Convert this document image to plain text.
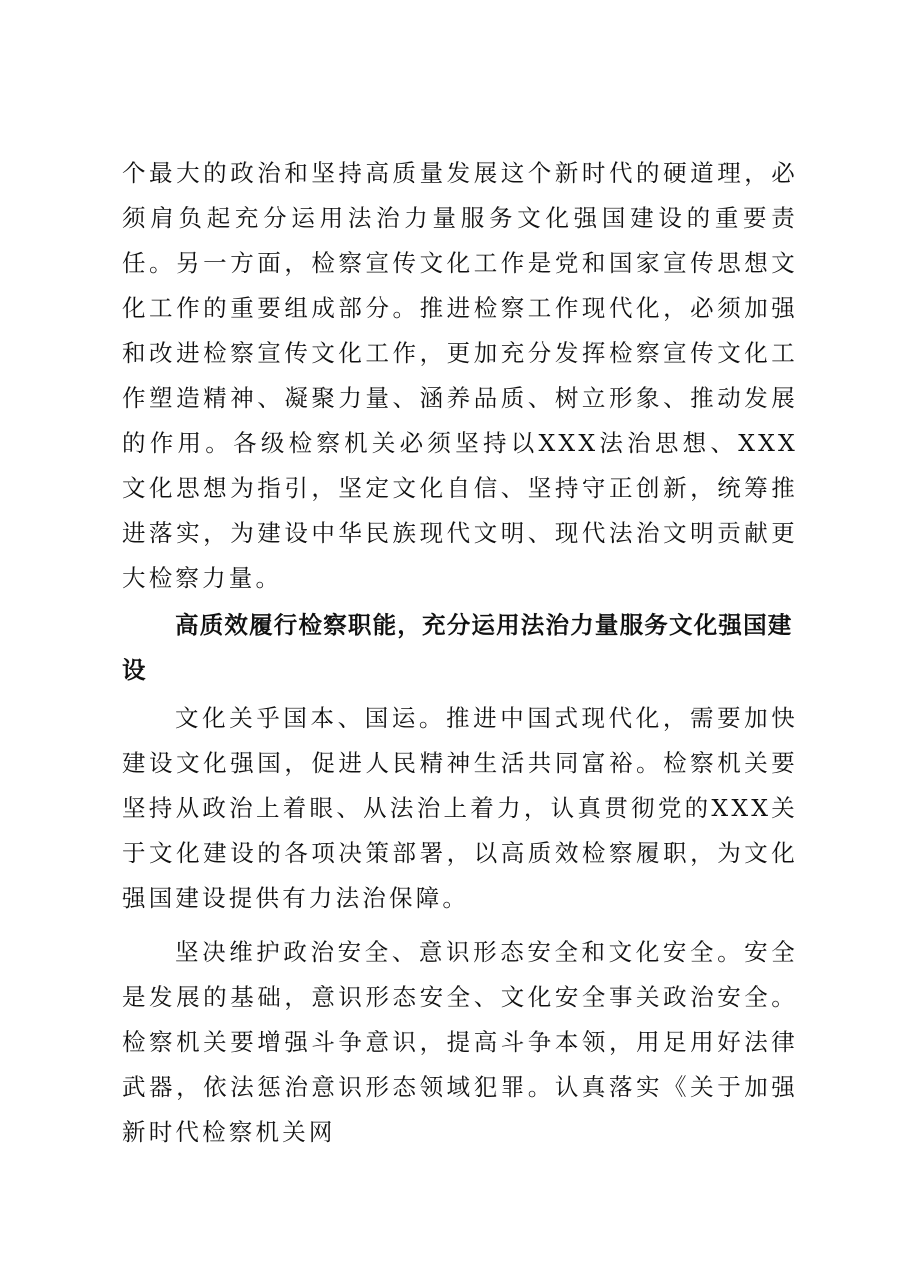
个最大的政治和坚持高质量发展这个新时代的硬道理，必须肩负起充分运用法治力量服务文化强国建设的重要责任。另一方面，检察宣传文化工作是党和国家宣传思想文化工作的重要组成部分。推进检察工作现代化，必须加强和改进检察宣传文化工作，更加充分发挥检察宣传文化工作塑造精神、凝聚力量、涵养品质、树立形象、推动发展的作用。各级检察机关必须坚持以XXX法治思想、XXX文化思想为指引，坚定文化自信、坚持守正创新，统筹推进落实，为建设中华民族现代文明、现代法治文明贡献更大检察力量。

高质效履行检察职能，充分运用法治力量服务文化强国建设

文化关乎国本、国运。推进中国式现代化，需要加快建设文化强国，促进人民精神生活共同富裕。检察机关要坚持从政治上着眼、从法治上着力，认真贯彻党的XXX关于文化建设的各项决策部署，以高质效检察履职，为文化强国建设提供有力法治保障。

坚决维护政治安全、意识形态安全和文化安全。安全是发展的基础，意识形态安全、文化安全事关政治安全。检察机关要增强斗争意识，提高斗争本领，用足用好法律武器，依法惩治意识形态领域犯罪。认真落实《关于加强新时代检察机关网
